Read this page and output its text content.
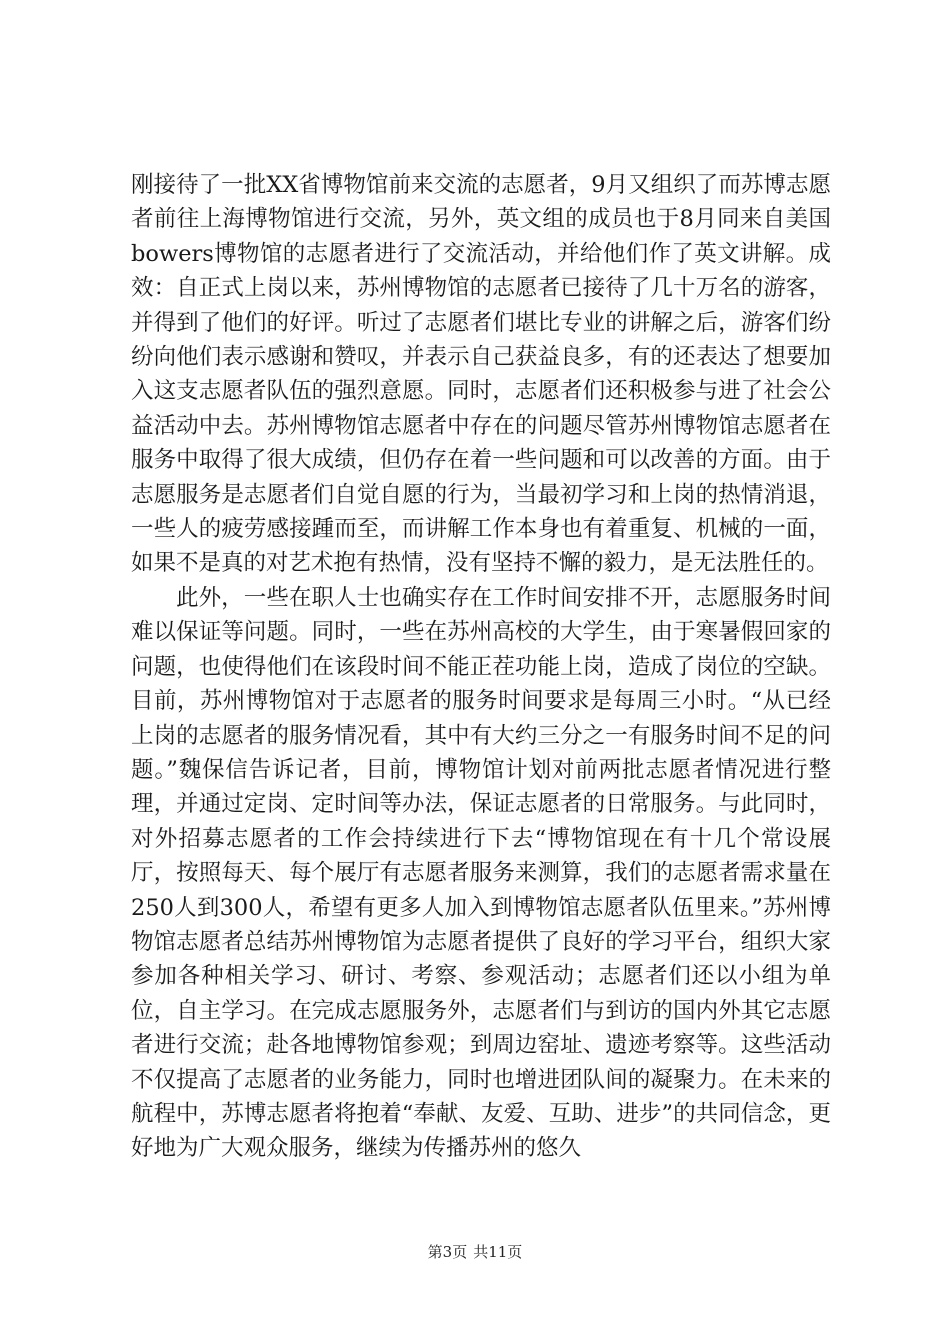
刚接待了一批XX省博物馆前来交流的志愿者，9月又组织了而苏博志愿者前往上海博物馆进行交流，另外，英文组的成员也于8月同来自美国bowers博物馆的志愿者进行了交流活动，并给他们作了英文讲解。成效：自正式上岗以来，苏州博物馆的志愿者已接待了几十万名的游客，并得到了他们的好评。听过了志愿者们堪比专业的讲解之后，游客们纷纷向他们表示感谢和赞叹，并表示自己获益良多，有的还表达了想要加入这支志愿者队伍的强烈意愿。同时，志愿者们还积极参与进了社会公益活动中去。苏州博物馆志愿者中存在的问题尽管苏州博物馆志愿者在服务中取得了很大成绩，但仍存在着一些问题和可以改善的方面。由于志愿服务是志愿者们自觉自愿的行为，当最初学习和上岗的热情消退，一些人的疲劳感接踵而至，而讲解工作本身也有着重复、机械的一面，如果不是真的对艺术抱有热情，没有坚持不懈的毅力，是无法胜任的。

此外，一些在职人士也确实存在工作时间安排不开，志愿服务时间难以保证等问题。同时，一些在苏州高校的大学生，由于寒暑假回家的问题，也使得他们在该段时间不能正茬功能上岗，造成了岗位的空缺。目前，苏州博物馆对于志愿者的服务时间要求是每周三小时。“从已经上岗的志愿者的服务情况看，其中有大约三分之一有服务时间不足的问题。”魏保信告诉记者，目前，博物馆计划对前两批志愿者情况进行整理，并通过定岗、定时间等办法，保证志愿者的日常服务。与此同时，对外招募志愿者的工作会持续进行下去“博物馆现在有十几个常设展厅，按照每天、每个展厅有志愿者服务来测算，我们的志愿者需求量在250人到300人，希望有更多人加入到博物馆志愿者队伍里来。”苏州博物馆志愿者总结苏州博物馆为志愿者提供了良好的学习平台，组织大家参加各种相关学习、研讨、考察、参观活动；志愿者们还以小组为单位，自主学习。在完成志愿服务外，志愿者们与到访的国内外其它志愿者进行交流；赴各地博物馆参观；到周边窑址、遗迹考察等。这些活动不仅提高了志愿者的业务能力，同时也增进团队间的凝聚力。在未来的航程中，苏博志愿者将抱着“奉献、友爱、互助、进步”的共同信念，更好地为广大观众服务，继续为传播苏州的悠久

第3页 共11页
